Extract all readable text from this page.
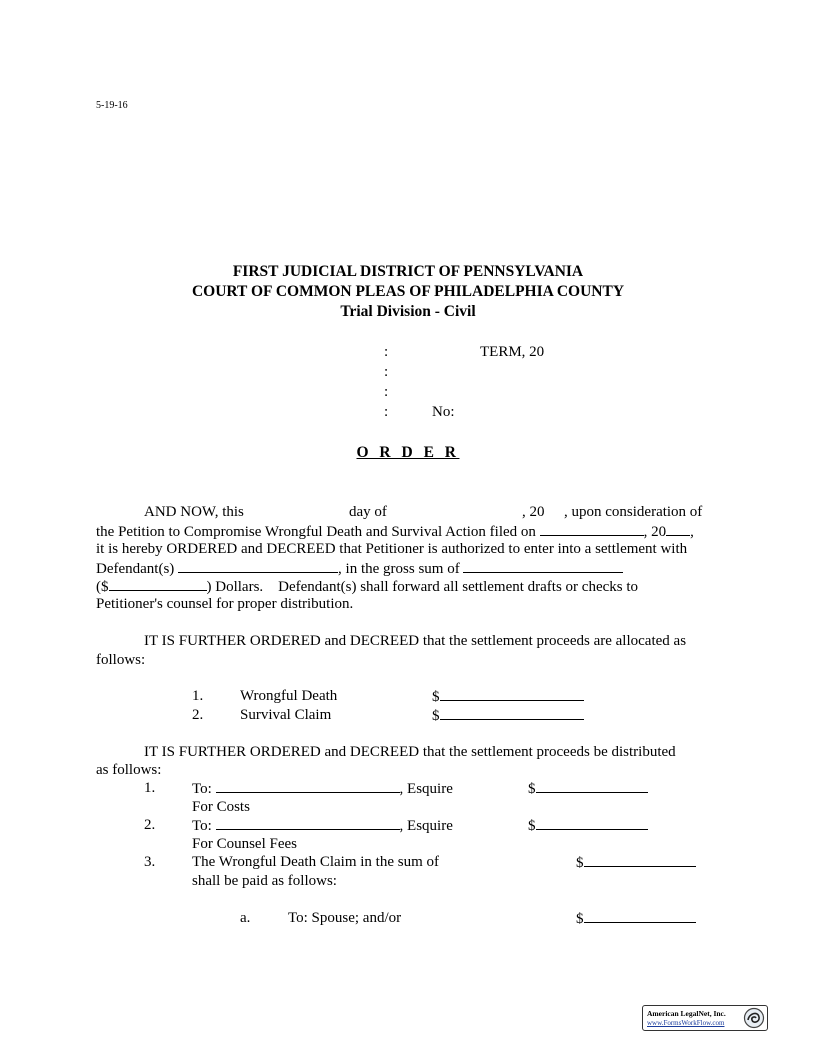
5-19-16
FIRST JUDICIAL DISTRICT OF PENNSYLVANIA
COURT OF COMMON PLEAS OF PHILADELPHIA COUNTY
Trial Division - Civil
:	TERM, 20
:
:
:	No:
O R D E R
AND NOW, this	day of	, 20 , upon consideration of
the Petition to Compromise Wrongful Death and Survival Action filed on	, 20 ,
it is hereby ORDERED and DECREED that Petitioner is authorized to enter into a settlement with
Defendant(s)	, in the gross sum of
($	) Dollars.    Defendant(s) shall forward all settlement drafts or checks to
Petitioner's counsel for proper distribution.
IT IS FURTHER ORDERED and DECREED that the settlement proceeds are allocated as
follows:
1. Wrongful Death	$
2. Survival Claim	$
IT IS FURTHER ORDERED and DECREED that the settlement proceeds be distributed
as follows:
1. To:	, Esquire	$
For Costs
2. To:	, Esquire	$
For Counsel Fees
3. The Wrongful Death Claim in the sum of	$
shall be paid as follows:
a.	To: Spouse; and/or	$
American LegalNet, Inc.
www.FormsWorkFlow.com
